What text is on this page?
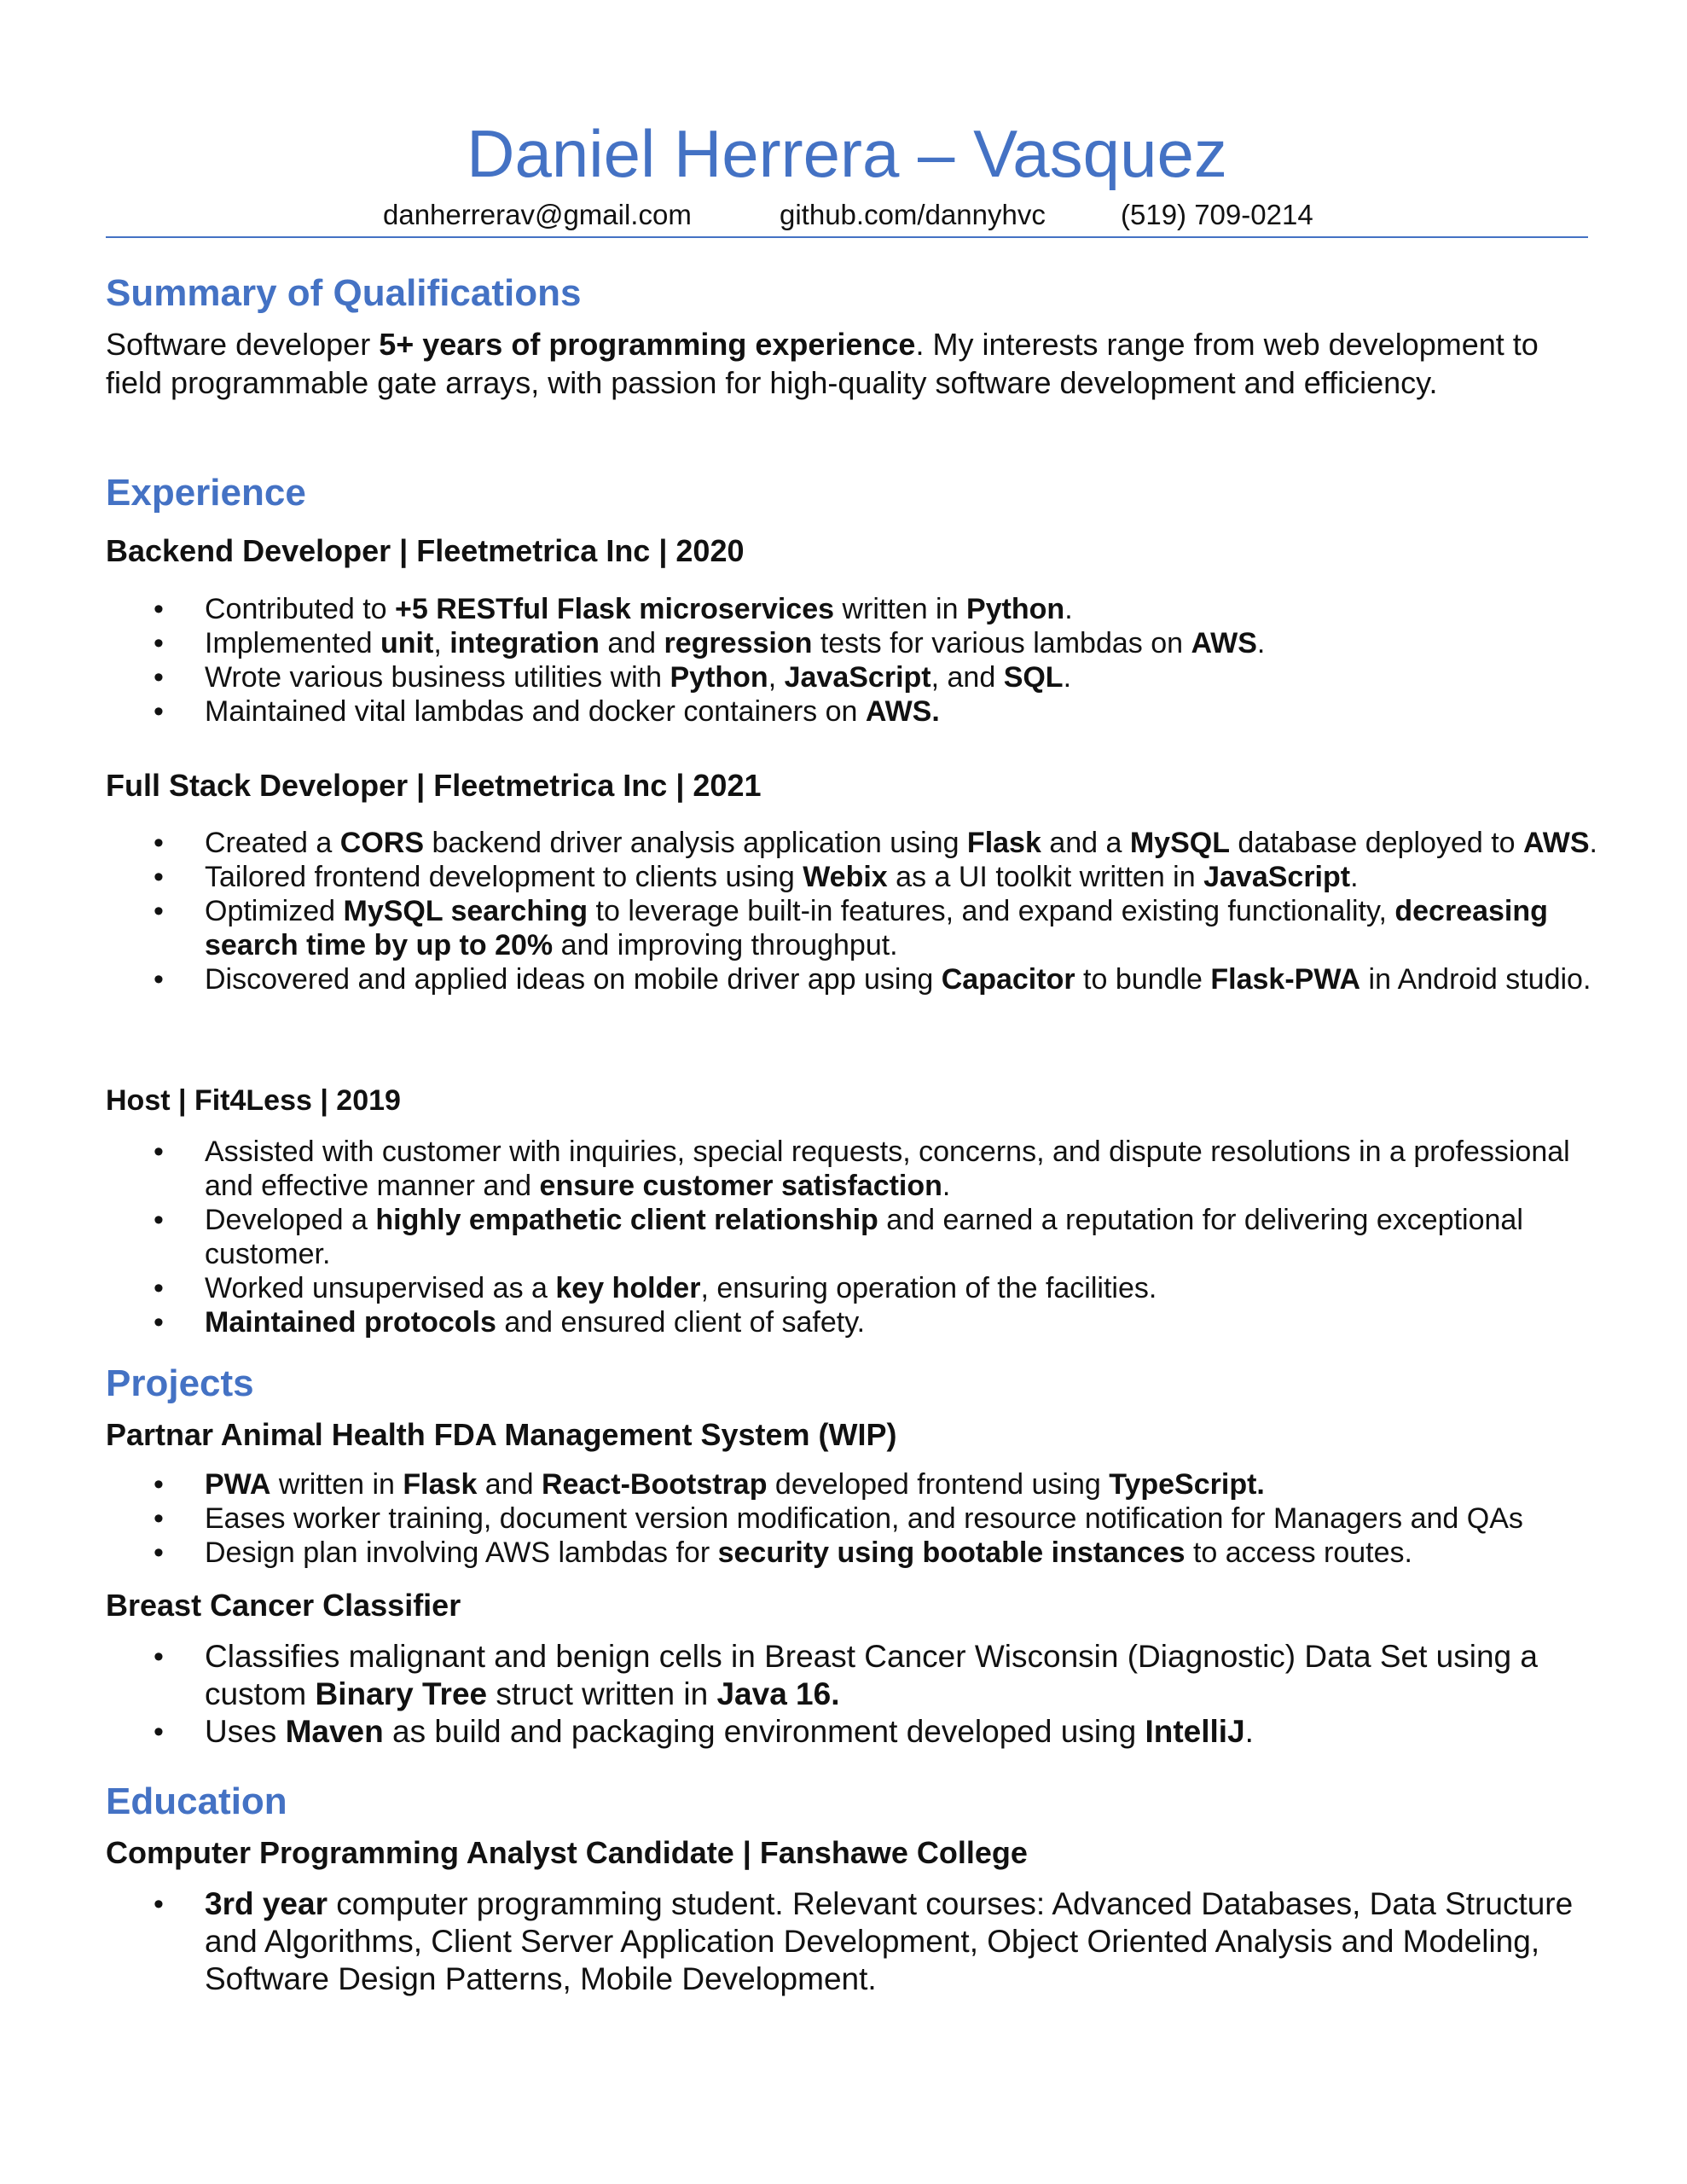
Daniel Herrera – Vasquez
danherrerav@gmail.com	github.com/dannyhvc	(519) 709-0214
Summary of Qualifications

Software developer 5+ years of programming experience. My interests range from web development to field programmable gate arrays, with passion for high-quality software development and efficiency.

Experience
Backend Developer | Fleetmetrica Inc | 2020
• Contributed to +5 RESTful Flask microservices written in Python.
• Implemented unit, integration and regression tests for various lambdas on AWS.
• Wrote various business utilities with Python, JavaScript, and SQL.
• Maintained vital lambdas and docker containers on AWS.
Full Stack Developer | Fleetmetrica Inc | 2021
• Created a CORS backend driver analysis application using Flask and a MySQL database deployed to AWS.
• Tailored frontend development to clients using Webix as a UI toolkit written in JavaScript.
• Optimized MySQL searching to leverage built-in features, and expand existing functionality, decreasing search time by up to 20% and improving throughput.
• Discovered and applied ideas on mobile driver app using Capacitor to bundle Flask-PWA in Android studio.
Host | Fit4Less | 2019
• Assisted with customer with inquiries, special requests, concerns, and dispute resolutions in a professional and effective manner and ensure customer satisfaction.
• Developed a highly empathetic client relationship and earned a reputation for delivering exceptional customer.
• Worked unsupervised as a key holder, ensuring operation of the facilities.
• Maintained protocols and ensured client of safety.
Projects
Partnar Animal Health FDA Management System (WIP)
• PWA written in Flask and React-Bootstrap developed frontend using TypeScript.
• Eases worker training, document version modification, and resource notification for Managers and QAs
• Design plan involving AWS lambdas for security using bootable instances to access routes.
Breast Cancer Classifier
• Classifies malignant and benign cells in Breast Cancer Wisconsin (Diagnostic) Data Set using a custom Binary Tree struct written in Java 16.
• Uses Maven as build and packaging environment developed using IntelliJ.
Education
Computer Programming Analyst Candidate | Fanshawe College
• 3rd year computer programming student. Relevant courses: Advanced Databases, Data Structure and Algorithms, Client Server Application Development, Object Oriented Analysis and Modeling, Software Design Patterns, Mobile Development.
